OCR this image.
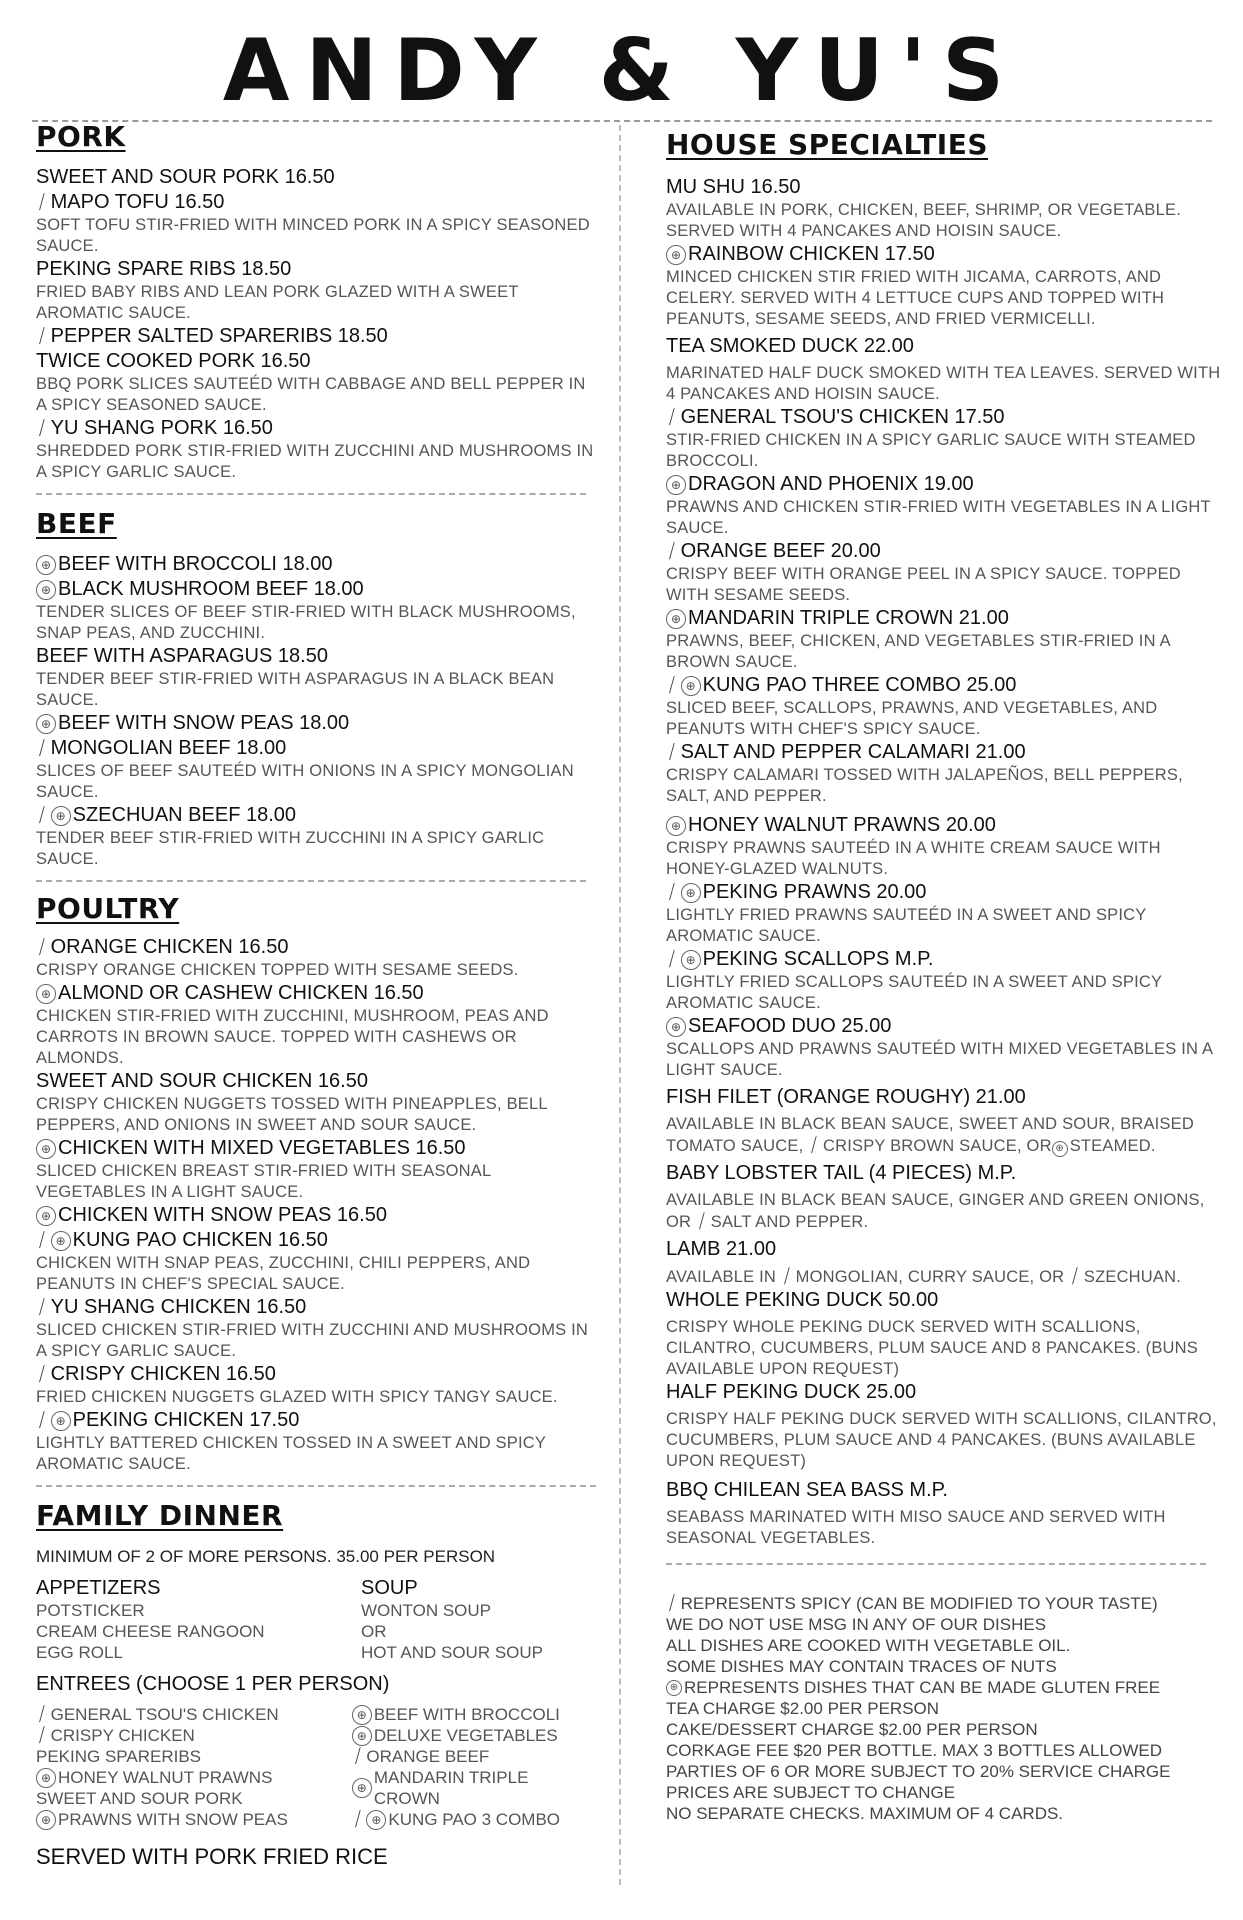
ANDY & YU'S
PORK
SWEET AND SOUR PORK 16.50
⟋
MAPO TOFU 16.50
SOFT TOFU STIR-FRIED WITH MINCED PORK IN A SPICY SEASONED SAUCE.
PEKING SPARE RIBS 18.50
FRIED BABY RIBS AND LEAN PORK GLAZED WITH A SWEET AROMATIC SAUCE.
⟋
PEPPER SALTED SPARERIBS 18.50
TWICE COOKED PORK 16.50
BBQ PORK SLICES SAUTEÉD WITH CABBAGE AND BELL PEPPER IN A SPICY SEASONED SAUCE.
⟋
YU SHANG PORK 16.50
SHREDDED PORK STIR-FRIED WITH ZUCCHINI AND MUSHROOMS IN A SPICY GARLIC SAUCE.
BEEF
⊕
BEEF WITH BROCCOLI 18.00
⊕
BLACK MUSHROOM BEEF 18.00
TENDER SLICES OF BEEF STIR-FRIED WITH BLACK MUSHROOMS, SNAP PEAS, AND ZUCCHINI.
BEEF WITH ASPARAGUS 18.50
TENDER BEEF STIR-FRIED WITH ASPARAGUS IN A BLACK BEAN SAUCE.
⊕
BEEF WITH SNOW PEAS 18.00
⟋
MONGOLIAN BEEF 18.00
SLICES OF BEEF SAUTEÉD WITH ONIONS IN A SPICY MONGOLIAN SAUCE.
⟋ ⊕ SZECHUAN BEEF 18.00
TENDER BEEF STIR-FRIED WITH ZUCCHINI IN A SPICY GARLIC SAUCE.
POULTRY
⟋
ORANGE CHICKEN 16.50
CRISPY ORANGE CHICKEN TOPPED WITH SESAME SEEDS.
⊕
ALMOND OR CASHEW CHICKEN 16.50
CHICKEN STIR-FRIED WITH ZUCCHINI, MUSHROOM, PEAS AND CARROTS IN BROWN SAUCE. TOPPED WITH CASHEWS OR ALMONDS.
SWEET AND SOUR CHICKEN 16.50
CRISPY CHICKEN NUGGETS TOSSED WITH PINEAPPLES, BELL PEPPERS, AND ONIONS IN SWEET AND SOUR SAUCE.
⊕
CHICKEN WITH MIXED VEGETABLES 16.50
SLICED CHICKEN BREAST STIR-FRIED WITH SEASONAL VEGETABLES IN A LIGHT SAUCE.
⊕
CHICKEN WITH SNOW PEAS 16.50
⟋ ⊕ KUNG PAO CHICKEN 16.50
CHICKEN WITH SNAP PEAS, ZUCCHINI, CHILI PEPPERS, AND PEANUTS IN CHEF'S SPECIAL SAUCE.
⟋
YU SHANG CHICKEN 16.50
SLICED CHICKEN STIR-FRIED WITH ZUCCHINI AND MUSHROOMS IN A SPICY GARLIC SAUCE.
⟋
CRISPY CHICKEN 16.50
FRIED CHICKEN NUGGETS GLAZED WITH SPICY TANGY SAUCE.
⟋ ⊕ PEKING CHICKEN 17.50
LIGHTLY BATTERED CHICKEN TOSSED IN A SWEET AND SPICY AROMATIC SAUCE.
FAMILY DINNER
MINIMUM OF 2 OF MORE PERSONS. 35.00 PER PERSON
APPETIZERS
POTSTICKER
CREAM CHEESE RANGOON
EGG ROLL
SOUP
WONTON SOUP
OR
HOT AND SOUR SOUP
ENTREES (CHOOSE 1 PER PERSON)
⟋
GENERAL TSOU'S CHICKEN
⟋
CRISPY CHICKEN
PEKING SPARERIBS
⊕
HONEY WALNUT PRAWNS
SWEET AND SOUR PORK
⊕
PRAWNS WITH SNOW PEAS
⊕
BEEF WITH BROCCOLI
⊕
DELUXE VEGETABLES
⟋
ORANGE BEEF
⊕
MANDARIN TRIPLE CROWN
⟋ ⊕ KUNG PAO 3 COMBO
SERVED WITH PORK FRIED RICE
HOUSE SPECIALTIES
MU SHU 16.50
AVAILABLE IN PORK, CHICKEN, BEEF, SHRIMP, OR VEGETABLE. SERVED WITH 4 PANCAKES AND HOISIN SAUCE.
⊕
RAINBOW CHICKEN 17.50
MINCED CHICKEN STIR FRIED WITH JICAMA, CARROTS, AND CELERY. SERVED WITH 4 LETTUCE CUPS AND TOPPED WITH PEANUTS, SESAME SEEDS, AND FRIED VERMICELLI.
TEA SMOKED DUCK 22.00
MARINATED HALF DUCK SMOKED WITH TEA LEAVES. SERVED WITH 4 PANCAKES AND HOISIN SAUCE.
⟋
GENERAL TSOU'S CHICKEN 17.50
STIR-FRIED CHICKEN IN A SPICY GARLIC SAUCE WITH STEAMED BROCCOLI.
⊕
DRAGON AND PHOENIX 19.00
PRAWNS AND CHICKEN STIR-FRIED WITH VEGETABLES IN A LIGHT SAUCE.
⟋
ORANGE BEEF 20.00
CRISPY BEEF WITH ORANGE PEEL IN A SPICY SAUCE. TOPPED WITH SESAME SEEDS.
⊕
MANDARIN TRIPLE CROWN 21.00
PRAWNS, BEEF, CHICKEN, AND VEGETABLES STIR-FRIED IN A BROWN SAUCE.
⟋ ⊕ KUNG PAO THREE COMBO 25.00
SLICED BEEF, SCALLOPS, PRAWNS, AND VEGETABLES, AND PEANUTS WITH CHEF'S SPICY SAUCE.
⟋
SALT AND PEPPER CALAMARI 21.00
CRISPY CALAMARI TOSSED WITH JALAPEÑOS, BELL PEPPERS, SALT, AND PEPPER.
⊕
HONEY WALNUT PRAWNS 20.00
CRISPY PRAWNS SAUTEÉD IN A WHITE CREAM SAUCE WITH HONEY-GLAZED WALNUTS.
⟋ ⊕ PEKING PRAWNS 20.00
LIGHTLY FRIED PRAWNS SAUTEÉD IN A SWEET AND SPICY AROMATIC SAUCE.
⟋ ⊕ PEKING SCALLOPS M.P.
LIGHTLY FRIED SCALLOPS SAUTEÉD IN A SWEET AND SPICY AROMATIC SAUCE.
⊕
SEAFOOD DUO 25.00
SCALLOPS AND PRAWNS SAUTEÉD WITH MIXED VEGETABLES IN A LIGHT SAUCE.
FISH FILET (ORANGE ROUGHY) 21.00
AVAILABLE IN BLACK BEAN SAUCE, SWEET AND SOUR, BRAISED TOMATO SAUCE, ⟋CRISPY BROWN SAUCE, OR ⊕ STEAMED.
BABY LOBSTER TAIL (4 PIECES) M.P.
AVAILABLE IN BLACK BEAN SAUCE, GINGER AND GREEN ONIONS, OR ⟋SALT AND PEPPER.
LAMB 21.00
AVAILABLE IN ⟋MONGOLIAN, CURRY SAUCE, OR ⟋SZECHUAN.
WHOLE PEKING DUCK 50.00
CRISPY WHOLE PEKING DUCK SERVED WITH SCALLIONS, CILANTRO, CUCUMBERS, PLUM SAUCE AND 8 PANCAKES. (BUNS AVAILABLE UPON REQUEST)
HALF PEKING DUCK 25.00
CRISPY HALF PEKING DUCK SERVED WITH SCALLIONS, CILANTRO, CUCUMBERS, PLUM SAUCE AND 4 PANCAKES. (BUNS AVAILABLE UPON REQUEST)
BBQ CHILEAN SEA BASS M.P.
SEABASS MARINATED WITH MISO SAUCE AND SERVED WITH SEASONAL VEGETABLES.
⟋
REPRESENTS SPICY (CAN BE MODIFIED TO YOUR TASTE)
WE DO NOT USE MSG IN ANY OF OUR DISHES
ALL DISHES ARE COOKED WITH VEGETABLE OIL.
SOME DISHES MAY CONTAIN TRACES OF NUTS
⊕
REPRESENTS DISHES THAT CAN BE MADE GLUTEN FREE
TEA CHARGE $2.00 PER PERSON
CAKE/DESSERT CHARGE $2.00 PER PERSON
CORKAGE FEE $20 PER BOTTLE. MAX 3 BOTTLES ALLOWED
PARTIES OF 6 OR MORE SUBJECT TO 20% SERVICE CHARGE
PRICES ARE SUBJECT TO CHANGE
NO SEPARATE CHECKS. MAXIMUM OF 4 CARDS.
